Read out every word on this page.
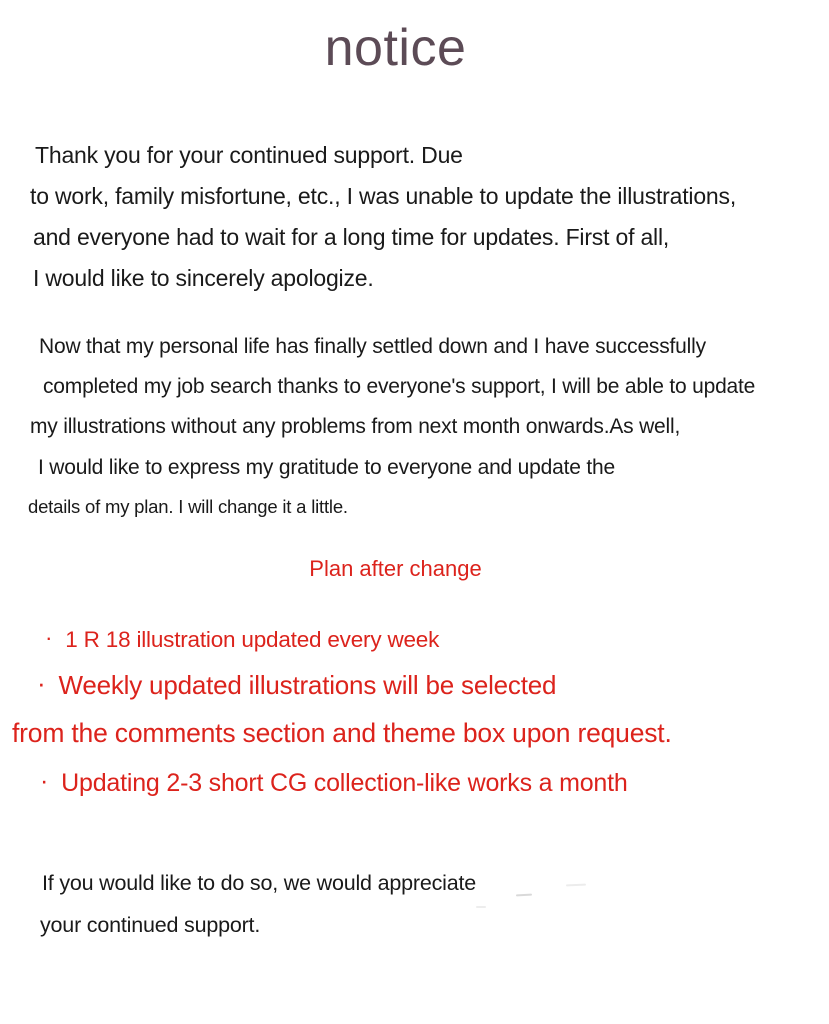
notice
Thank you for your continued support. Due
to work, family misfortune, etc., I was unable to update the illustrations,
and everyone had to wait for a long time for updates. First of all,
I would like to sincerely apologize.
Now that my personal life has finally settled down and I have successfully
completed my job search thanks to everyone's support, I will be able to update
my illustrations without any problems from next month onwards.As well,
I would like to express my gratitude to everyone and update the
details of my plan. I will change it a little.
Plan after change
· 1 R 18 illustration updated every week
· Weekly updated illustrations will be selected
from the comments section and theme box upon request.
· Updating 2-3 short CG collection-like works a month
If you would like to do so, we would appreciate
your continued support.
